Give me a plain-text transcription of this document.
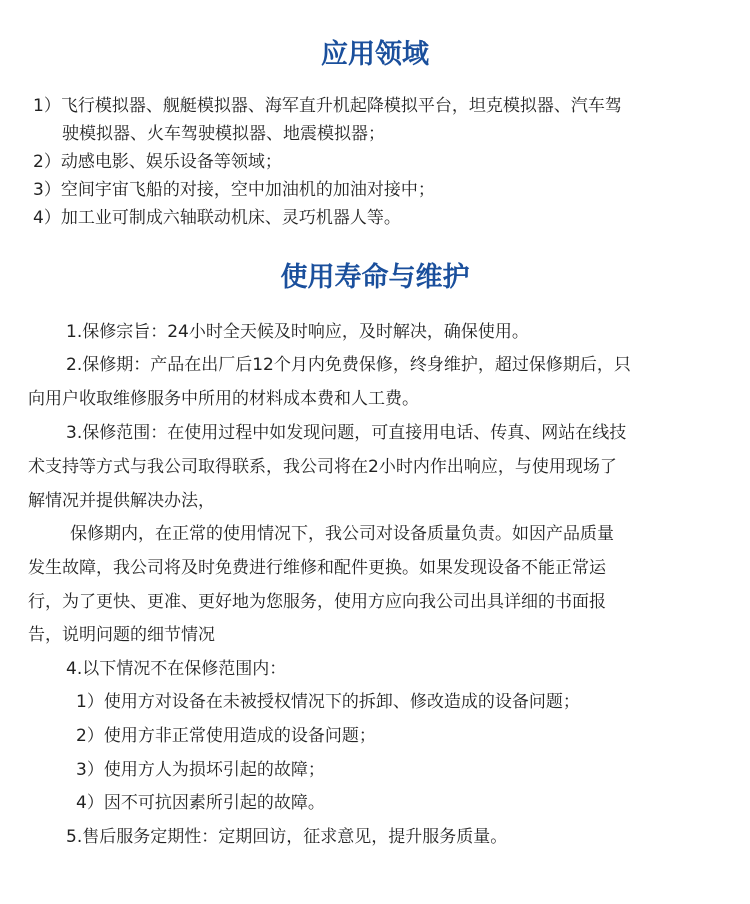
应用领域

1）飞行模拟器、舰艇模拟器、海军直升机起降模拟平台，坦克模拟器、汽车驾

驶模拟器、火车驾驶模拟器、地震模拟器；

2）动感电影、娱乐设备等领域；

3）空间宇宙飞船的对接，空中加油机的加油对接中；

4）加工业可制成六轴联动机床、灵巧机器人等。

使用寿命与维护

1.保修宗旨：24小时全天候及时响应，及时解决，确保使用。

2.保修期：产品在出厂后12个月内免费保修，终身维护，超过保修期后，只

向用户收取维修服务中所用的材料成本费和人工费。

3.保修范围：在使用过程中如发现问题，可直接用电话、传真、网站在线技

术支持等方式与我公司取得联系，我公司将在2小时内作出响应，与使用现场了

解情况并提供解决办法，

保修期内，在正常的使用情况下，我公司对设备质量负责。如因产品质量

发生故障，我公司将及时免费进行维修和配件更换。如果发现设备不能正常运

行，为了更快、更准、更好地为您服务，使用方应向我公司出具详细的书面报

告，说明问题的细节情况

4.以下情况不在保修范围内：

1）使用方对设备在未被授权情况下的拆卸、修改造成的设备问题；

2）使用方非正常使用造成的设备问题；

3）使用方人为损坏引起的故障；

4）因不可抗因素所引起的故障。

5.售后服务定期性：定期回访，征求意见，提升服务质量。
